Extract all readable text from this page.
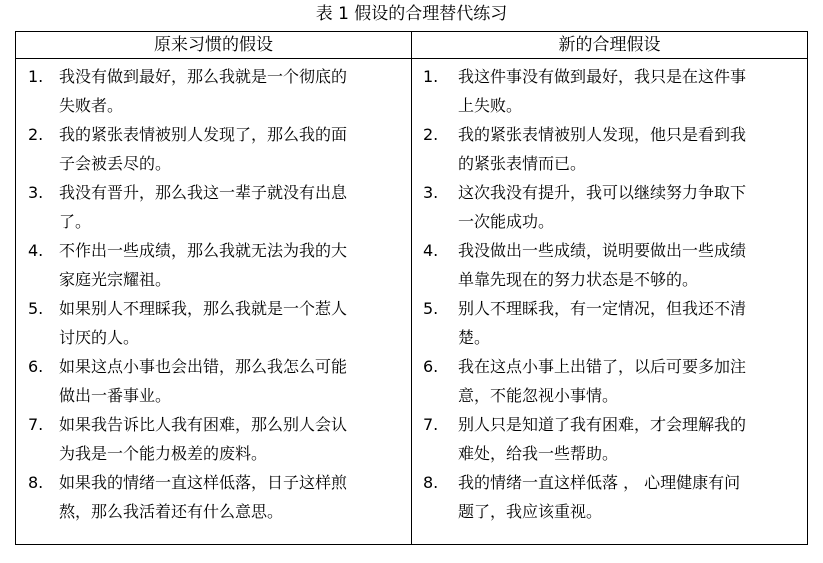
表 1 假设的合理替代练习
原来习惯的假设	新的合理假设
1. 我没有做到最好，那么我就是一个彻底的
失败者。
2. 我的紧张表情被别人发现了，那么我的面
子会被丢尽的。
3. 我没有晋升，那么我这一辈子就没有出息
了。
4. 不作出一些成绩，那么我就无法为我的大
家庭光宗耀祖。
5. 如果别人不理睬我，那么我就是一个惹人
讨厌的人。
6. 如果这点小事也会出错，那么我怎么可能
做出一番事业。
7. 如果我告诉比人我有困难，那么别人会认
为我是一个能力极差的废料。
8. 如果我的情绪一直这样低落，日子这样煎
熬，那么我活着还有什么意思。
1. 我这件事没有做到最好，我只是在这件事
上失败。
2. 我的紧张表情被别人发现，他只是看到我
的紧张表情而已。
3. 这次我没有提升，我可以继续努力争取下
一次能成功。
4. 我没做出一些成绩，说明要做出一些成绩
单靠先现在的努力状态是不够的。
5. 别人不理睬我，有一定情况，但我还不清
楚。
6. 我在这点小事上出错了，以后可要多加注
意，不能忽视小事情。
7. 别人只是知道了我有困难，才会理解我的
难处，给我一些帮助。
8. 我的情绪一直这样低落 ， 心理健康有问
题了，我应该重视。
